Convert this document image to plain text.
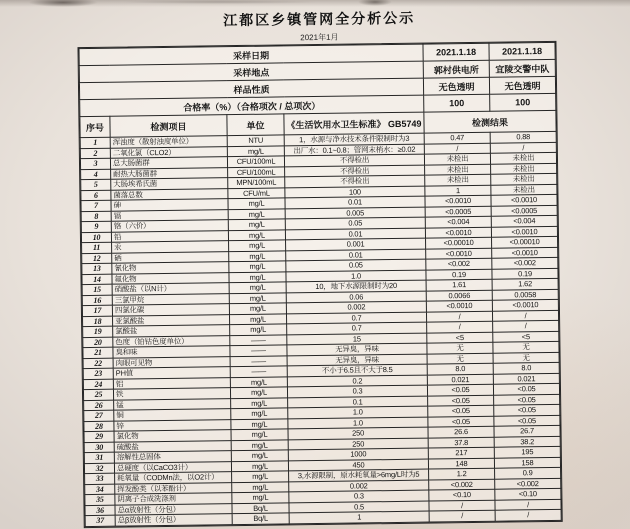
江都区乡镇管网全分析公示
2021年1月
采样日期				2021.1.18	2021.1.18
采样地点				郭村供电所	宜陵交警中队
样品性质				无色透明	无色透明
合格率（%）（合格项次 / 总项次）				100	100
序号	检测项目	单位	《生活饮用水卫生标准》 GB5749	检测结果	
1	浑浊度（散射浊度单位）	NTU	1，水源与净水技术条件限制时为3	0.47	0.88
2	二氧化氯（CLO2）	mg/L	出厂水：0.1~0.8；管网末梢水：≥0.02	/	/
3	总大肠菌群	CFU/100mL	不得检出	未检出	未检出
4	耐热大肠菌群	CFU/100mL	不得检出	未检出	未检出
5	大肠埃希氏菌	MPN/100mL	不得检出	未检出	未检出
6	菌落总数	CFU/mL	100	1	未检出
7	砷	mg/L	0.01	<0.0010	<0.0010
8	镉	mg/L	0.005	<0.0005	<0.0005
9	铬（六价）	mg/L	0.05	<0.004	<0.004
10	铅	mg/L	0.01	<0.0010	<0.0010
11	汞	mg/L	0.001	<0.00010	<0.00010
12	硒	mg/L	0.01	<0.0010	<0.0010
13	氰化物	mg/L	0.05	<0.002	<0.002
14	氟化物	mg/L	1.0	0.19	0.19
15	硝酸盐（以N计）	mg/L	10，地下水源限制时为20	1.61	1.62
16	三氯甲烷	mg/L	0.06	0.0066	0.0058
17	四氯化碳	mg/L	0.002	<0.0010	<0.0010
18	亚氯酸盐	mg/L	0.7	/	/
19	氯酸盐	mg/L	0.7	/	/
20	色度（铂钴色度单位）	——	15	<5	<5
21	臭和味	——	无异臭，异味	无	无
22	肉眼可见物	——	无异臭，异味	无	无
23	PH值	——	不小于6.5且不大于8.5	8.0	8.0
24	铝	mg/L	0.2	0.021	0.021
25	铁	mg/L	0.3	<0.05	<0.05
26	锰	mg/L	0.1	<0.05	<0.05
27	铜	mg/L	1.0	<0.05	<0.05
28	锌	mg/L	1.0	<0.05	<0.05
29	氯化物	mg/L	250	26.6	26.7
30	硫酸盐	mg/L	250	37.8	38.2
31	溶解性总固体	mg/L	1000	217	195
32	总硬度（以CaCO3计）	mg/L	450	148	158
33	耗氧量（CODMn法，以O2计）	mg/L	3,水源限制，原水耗氧量>6mg/L时为5	1.2	0.9
34	挥发酚类（以苯酚计）	mg/L	0.002	<0.002	<0.002
35	阴离子合成洗涤剂	mg/L	0.3	<0.10	<0.10
36	总α放射性（分包）	Bq/L	0.5	/	/
37	总β放射性（分包）	Bq/L	1	/	/
